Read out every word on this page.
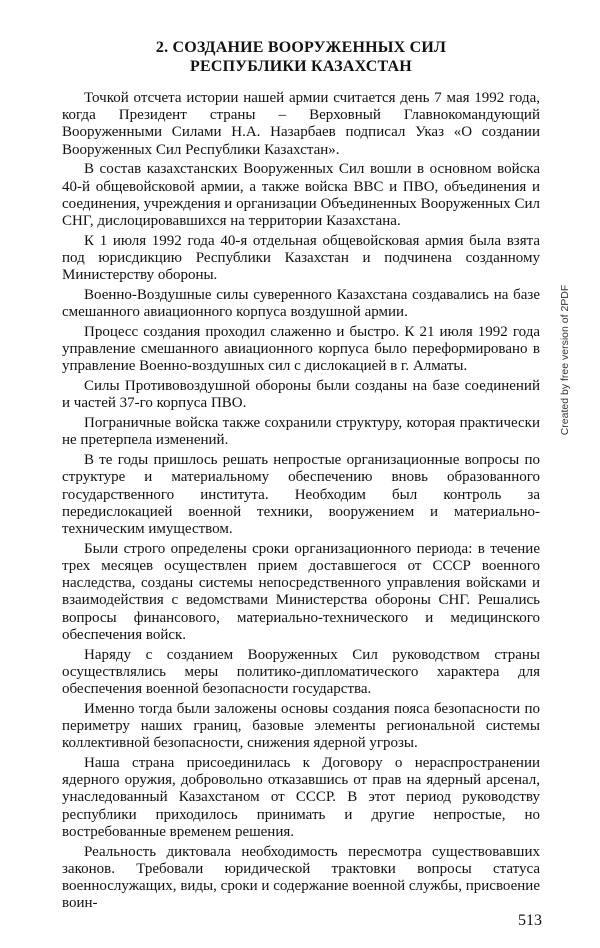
2. СОЗДАНИЕ ВООРУЖЕННЫХ СИЛ
РЕСПУБЛИКИ КАЗАХСТАН

Точкой отсчета истории нашей армии считается день 7 мая 1992 года, когда Президент страны – Верховный Главнокомандующий Вооруженными Силами Н.А. Назарбаев подписал Указ «О создании Вооруженных Сил Республики Казахстан».

В состав казахстанских Вооруженных Сил вошли в основном войска 40-й общевойсковой армии, а также войска ВВС и ПВО, объединения и соединения, учреждения и организации Объединенных Вооруженных Сил СНГ, дислоцировавшихся на территории Казахстана.

К 1 июля 1992 года 40-я отдельная общевойсковая армия была взята под юрисдикцию Республики Казахстан и подчинена созданному Министерству обороны.

Военно-Воздушные силы суверенного Казахстана создавались на базе смешанного авиационного корпуса воздушной армии.

Процесс создания проходил слаженно и быстро. К 21 июля 1992 года управление смешанного авиационного корпуса было переформировано в управление Военно-воздушных сил с дислокацией в г. Алматы.

Силы Противовоздушной обороны были созданы на базе соединений и частей 37-го корпуса ПВО.

Пограничные войска также сохранили структуру, которая практически не претерпела изменений.

В те годы пришлось решать непростые организационные вопросы по структуре и материальному обеспечению вновь образованного государственного института. Необходим был контроль за передислокацией военной техники, вооружением и материально-техническим имуществом.

Были строго определены сроки организационного периода: в течение трех месяцев осуществлен прием доставшегося от СССР военного наследства, созданы системы непосредственного управления войсками и взаимодействия с ведомствами Министерства обороны СНГ. Решались вопросы финансового, материально-технического и медицинского обеспечения войск.

Наряду с созданием Вооруженных Сил руководством страны осуществлялись меры политико-дипломатического характера для обеспечения военной безопасности государства.

Именно тогда были заложены основы создания пояса безопасности по периметру наших границ, базовые элементы региональной системы коллективной безопасности, снижения ядерной угрозы.

Наша страна присоединилась к Договору о нераспространении ядерного оружия, добровольно отказавшись от прав на ядерный арсенал, унаследованный Казахстаном от СССР. В этот период руководству республики приходилось принимать и другие непростые, но востребованные временем решения.

Реальность диктовала необходимость пересмотра существовавших законов. Требовали юридической трактовки вопросы статуса военнослужащих, виды, сроки и содержание военной службы, присвоение воин-

513
Created by free version of 2PDF
